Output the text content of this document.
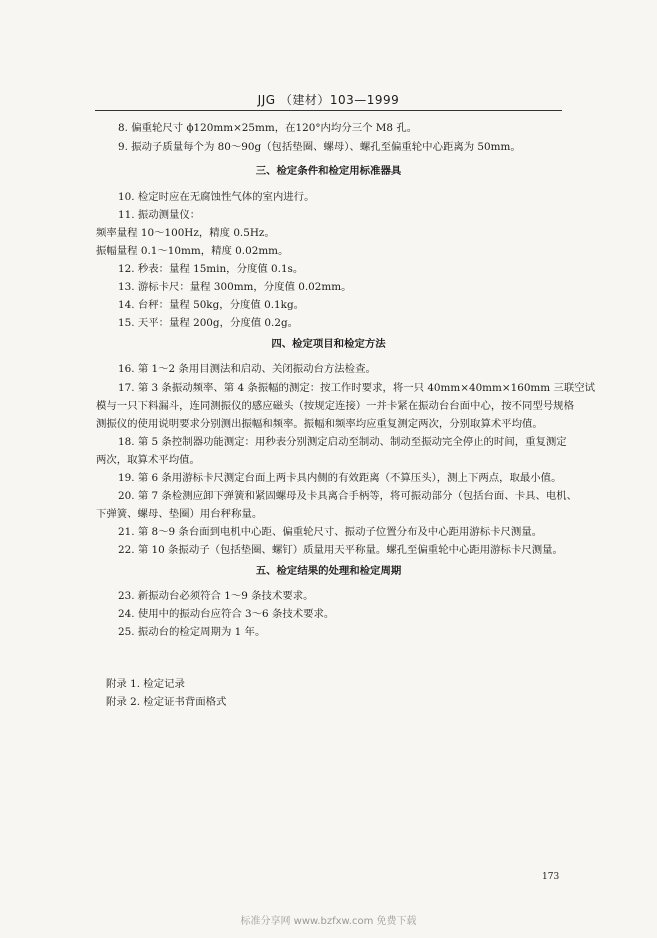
JJG （建材）103—1999
8. 偏重轮尺寸 ϕ120mm×25mm，在120°内均分三个 M8 孔。
9. 振动子质量每个为 80～90g（包括垫圈、螺母）、螺孔至偏重轮中心距离为 50mm。
三、检定条件和检定用标准器具
10. 检定时应在无腐蚀性气体的室内进行。
11. 振动测量仪：
频率量程 10～100Hz，精度 0.5Hz。
振幅量程 0.1～10mm，精度 0.02mm。
12. 秒表：量程 15min，分度值 0.1s。
13. 游标卡尺：量程 300mm，分度值 0.02mm。
14. 台秤：量程 50kg，分度值 0.1kg。
15. 天平：量程 200g，分度值 0.2g。
四、检定项目和检定方法
16. 第 1～2 条用目测法和启动、关闭振动台方法检查。
17. 第 3 条振动频率、第 4 条振幅的测定：按工作时要求，将一只 40mm×40mm×160mm 三联空试
模与一只下料漏斗，连同测振仪的感应磁头（按规定连接）一并卡紧在振动台台面中心，按不同型号规格
测振仪的使用说明要求分别测出振幅和频率。振幅和频率均应重复测定两次，分别取算术平均值。
18. 第 5 条控制器功能测定：用秒表分别测定启动至制动、制动至振动完全停止的时间，重复测定
两次，取算术平均值。
19. 第 6 条用游标卡尺测定台面上两卡具内侧的有效距离（不算压头），测上下两点，取最小值。
20. 第 7 条检测应卸下弹簧和紧固螺母及卡具离合手柄等，将可振动部分（包括台面、卡具、电机、
下弹簧、螺母、垫圈）用台秤称量。
21. 第 8～9 条台面到电机中心距、偏重轮尺寸、振动子位置分布及中心距用游标卡尺测量。
22. 第 10 条振动子（包括垫圈、螺钉）质量用天平称量。螺孔至偏重轮中心距用游标卡尺测量。
五、检定结果的处理和检定周期
23. 新振动台必须符合 1～9 条技术要求。
24. 使用中的振动台应符合 3～6 条技术要求。
25. 振动台的检定周期为 1 年。
附录 1. 检定记录
附录 2. 检定证书背面格式
173
标准分享网 www.bzfxw.com 免费下载
